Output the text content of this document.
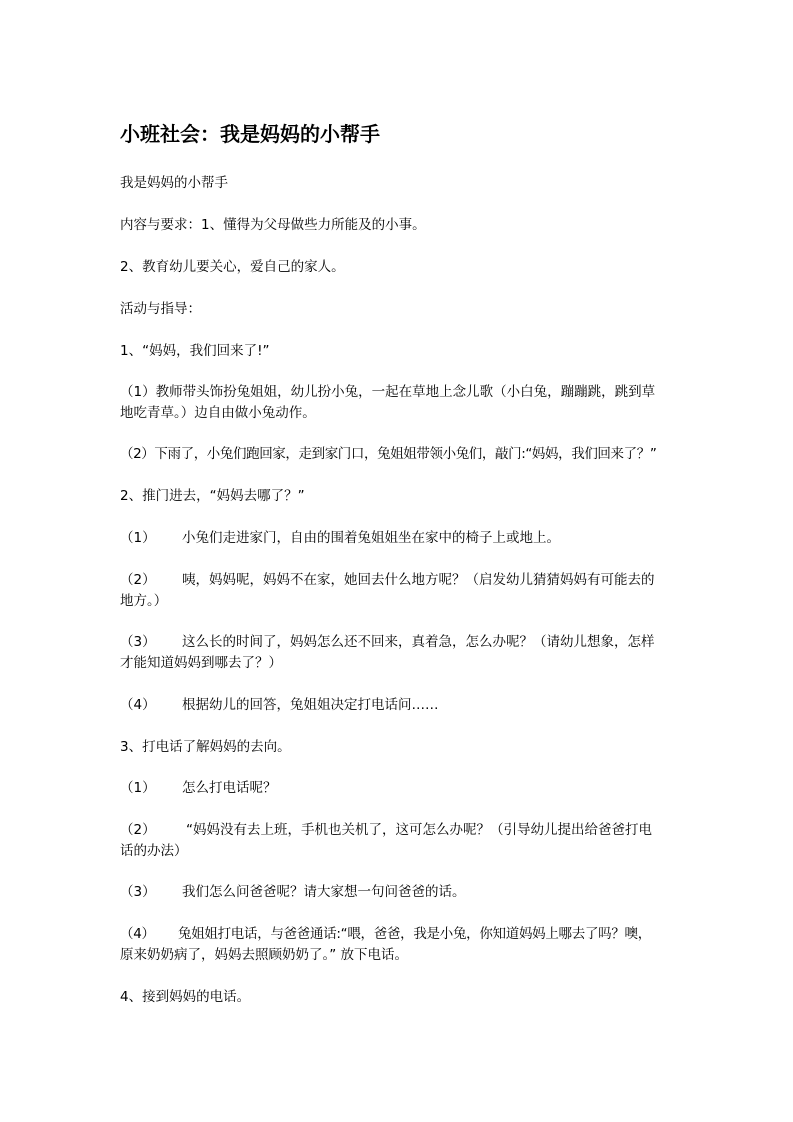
小班社会：我是妈妈的小帮手

我是妈妈的小帮手

内容与要求：1、懂得为父母做些力所能及的小事。

2、教育幼儿要关心，爱自己的家人。

活动与指导：

1、“妈妈，我们回来了!”

（1）教师带头饰扮兔姐姐，幼儿扮小兔，一起在草地上念儿歌（小白兔，蹦蹦跳，跳到草

地吃青草。）边自由做小兔动作。

（2）下雨了，小兔们跑回家，走到家门口，兔姐姐带领小兔们，敲门:“妈妈，我们回来了？”

2、推门进去，“妈妈去哪了？”

（1） 小兔们走进家门，自由的围着兔姐姐坐在家中的椅子上或地上。

（2） 咦，妈妈呢，妈妈不在家，她回去什么地方呢？（启发幼儿猜猜妈妈有可能去的

地方。）

（3） 这么长的时间了，妈妈怎么还不回来，真着急，怎么办呢？（请幼儿想象，怎样

才能知道妈妈到哪去了？）

（4） 根据幼儿的回答，兔姐姐决定打电话问……

3、打电话了解妈妈的去向。

（1） 怎么打电话呢？

（2） “妈妈没有去上班，手机也关机了，这可怎么办呢？（引导幼儿提出给爸爸打电

话的办法）

（3） 我们怎么问爸爸呢？请大家想一句问爸爸的话。

（4） 兔姐姐打电话，与爸爸通话:“喂，爸爸，我是小兔，你知道妈妈上哪去了吗？噢，

原来奶奶病了，妈妈去照顾奶奶了。” 放下电话。

4、接到妈妈的电话。
